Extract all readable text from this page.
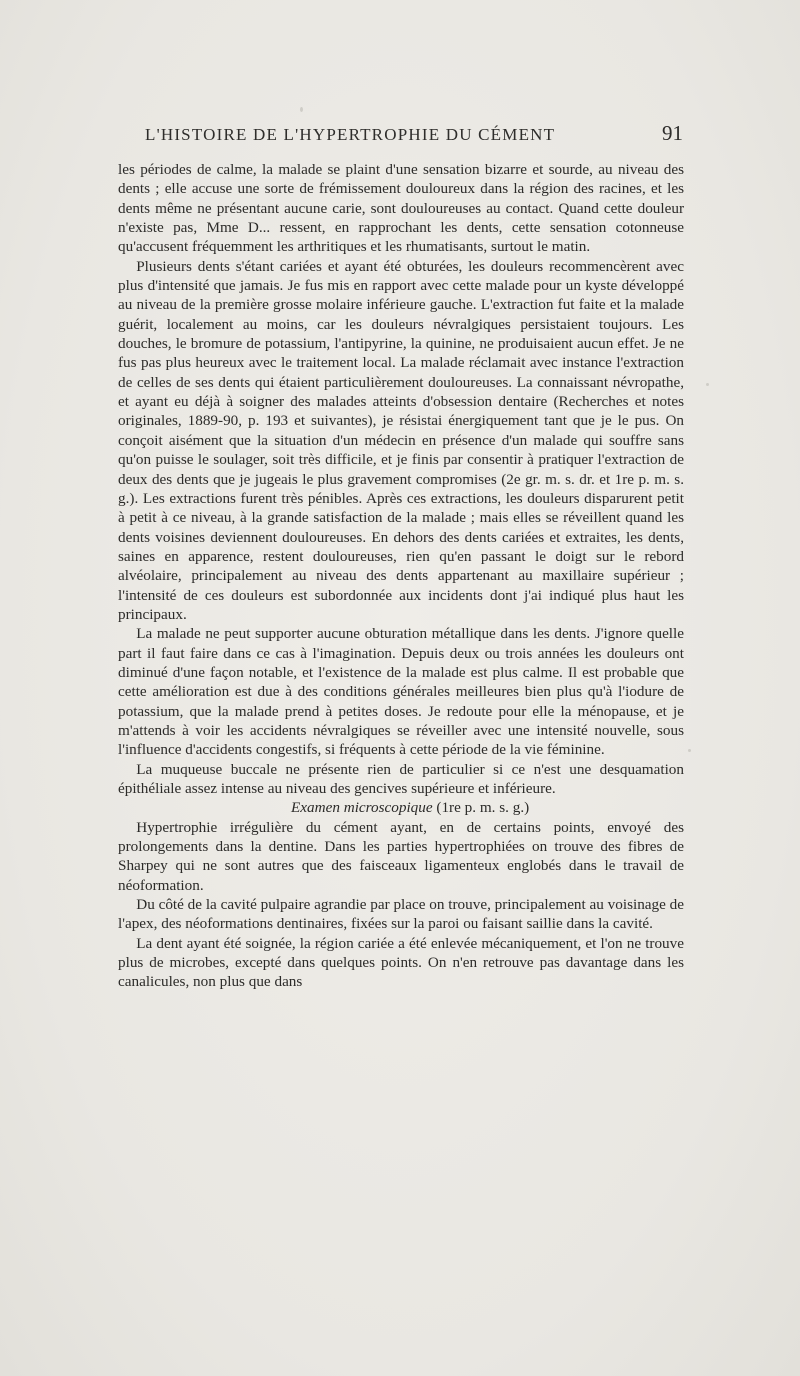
L'HISTOIRE DE L'HYPERTROPHIE DU CÉMENT	91

les périodes de calme, la malade se plaint d'une sensation bizarre et sourde, au niveau des dents ; elle accuse une sorte de frémissement douloureux dans la région des racines, et les dents même ne présentant aucune carie, sont douloureuses au contact. Quand cette douleur n'existe pas, Mme D... ressent, en rapprochant les dents, cette sensation cotonneuse qu'accusent fréquemment les arthritiques et les rhumatisants, surtout le matin.

Plusieurs dents s'étant cariées et ayant été obturées, les douleurs recommencèrent avec plus d'intensité que jamais. Je fus mis en rapport avec cette malade pour un kyste développé au niveau de la première grosse molaire inférieure gauche. L'extraction fut faite et la malade guérit, localement au moins, car les douleurs névralgiques persistaient toujours. Les douches, le bromure de potassium, l'antipyrine, la quinine, ne produisaient aucun effet. Je ne fus pas plus heureux avec le traitement local. La malade réclamait avec instance l'extraction de celles de ses dents qui étaient particulièrement douloureuses. La connaissant névropathe, et ayant eu déjà à soigner des malades atteints d'obsession dentaire (Recherches et notes originales, 1889-90, p. 193 et suivantes), je résistai énergiquement tant que je le pus. On conçoit aisément que la situation d'un médecin en présence d'un malade qui souffre sans qu'on puisse le soulager, soit très difficile, et je finis par consentir à pratiquer l'extraction de deux des dents que je jugeais le plus gravement compromises (2e gr. m. s. dr. et 1re p. m. s. g.). Les extractions furent très pénibles. Après ces extractions, les douleurs disparurent petit à petit à ce niveau, à la grande satisfaction de la malade ; mais elles se réveillent quand les dents voisines deviennent douloureuses. En dehors des dents cariées et extraites, les dents, saines en apparence, restent douloureuses, rien qu'en passant le doigt sur le rebord alvéolaire, principalement au niveau des dents appartenant au maxillaire supérieur ; l'intensité de ces douleurs est subordonnée aux incidents dont j'ai indiqué plus haut les principaux.

La malade ne peut supporter aucune obturation métallique dans les dents. J'ignore quelle part il faut faire dans ce cas à l'imagination. Depuis deux ou trois années les douleurs ont diminué d'une façon notable, et l'existence de la malade est plus calme. Il est probable que cette amélioration est due à des conditions générales meilleures bien plus qu'à l'iodure de potassium, que la malade prend à petites doses. Je redoute pour elle la ménopause, et je m'attends à voir les accidents névralgiques se réveiller avec une intensité nouvelle, sous l'influence d'accidents congestifs, si fréquents à cette période de la vie féminine.

La muqueuse buccale ne présente rien de particulier si ce n'est une desquamation épithéliale assez intense au niveau des gencives supérieure et inférieure.

Examen microscopique (1re p. m. s. g.)

Hypertrophie irrégulière du cément ayant, en de certains points, envoyé des prolongements dans la dentine. Dans les parties hypertrophiées on trouve des fibres de Sharpey qui ne sont autres que des faisceaux ligamenteux englobés dans le travail de néoformation.

Du côté de la cavité pulpaire agrandie par place on trouve, principalement au voisinage de l'apex, des néoformations dentinaires, fixées sur la paroi ou faisant saillie dans la cavité.

La dent ayant été soignée, la région cariée a été enlevée mécaniquement, et l'on ne trouve plus de microbes, excepté dans quelques points. On n'en retrouve pas davantage dans les canalicules, non plus que dans
